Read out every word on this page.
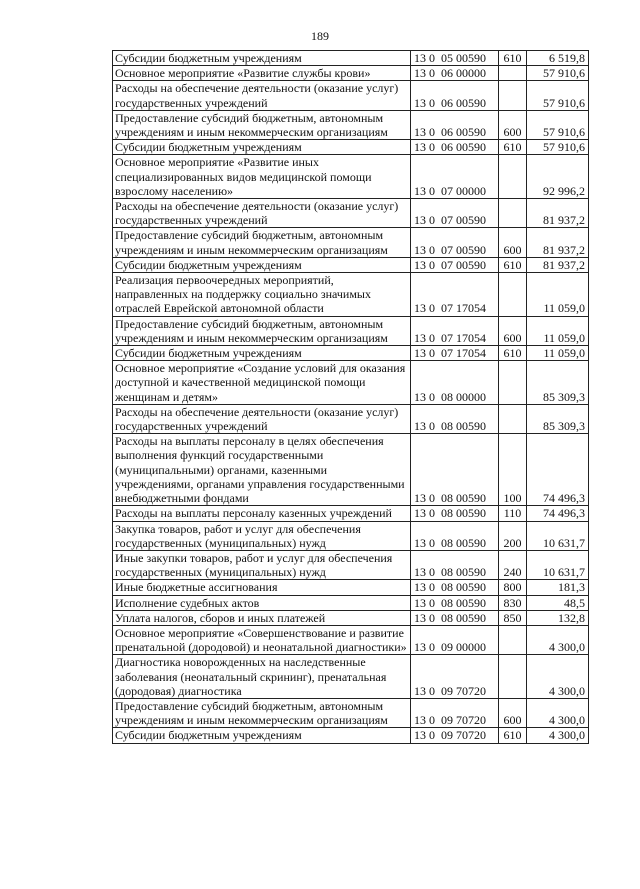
189
Субсидии бюджетным учреждениям	13 0  05 00590	610	6 519,8
Основное мероприятие «Развитие службы крови»	13 0  06 00000		57 910,6
Расходы на обеспечение деятельности (оказание услуг) государственных учреждений	13 0  06 00590		57 910,6
Предоставление субсидий бюджетным, автономным учреждениям и иным некоммерческим организациям	13 0  06 00590	600	57 910,6
Субсидии бюджетным учреждениям	13 0  06 00590	610	57 910,6
Основное мероприятие «Развитие иных специализированных видов медицинской помощи взрослому населению»	13 0  07 00000		92 996,2
Расходы на обеспечение деятельности (оказание услуг) государственных учреждений	13 0  07 00590		81 937,2
Предоставление субсидий бюджетным, автономным учреждениям и иным некоммерческим организациям	13 0  07 00590	600	81 937,2
Субсидии бюджетным учреждениям	13 0  07 00590	610	81 937,2
Реализация первоочередных мероприятий, направленных на поддержку социально значимых отраслей Еврейской автономной области	13 0  07 17054		11 059,0
Предоставление субсидий бюджетным, автономным учреждениям и иным некоммерческим организациям	13 0  07 17054	600	11 059,0
Субсидии бюджетным учреждениям	13 0  07 17054	610	11 059,0
Основное мероприятие «Создание условий для оказания доступной и качественной медицинской помощи женщинам и детям»	13 0  08 00000		85 309,3
Расходы на обеспечение деятельности (оказание услуг) государственных учреждений	13 0  08 00590		85 309,3
Расходы на выплаты персоналу в целях обеспечения выполнения функций государственными (муниципальными) органами, казенными учреждениями, органами управления государственными внебюджетными фондами	13 0  08 00590	100	74 496,3
Расходы на выплаты персоналу казенных учреждений	13 0  08 00590	110	74 496,3
Закупка товаров, работ и услуг для обеспечения государственных (муниципальных) нужд	13 0  08 00590	200	10 631,7
Иные закупки товаров, работ и услуг для обеспечения государственных (муниципальных) нужд	13 0  08 00590	240	10 631,7
Иные бюджетные ассигнования	13 0  08 00590	800	181,3
Исполнение судебных актов	13 0  08 00590	830	48,5
Уплата налогов, сборов и иных платежей	13 0  08 00590	850	132,8
Основное мероприятие «Совершенствование и развитие пренатальной (дородовой) и неонатальной диагностики»	13 0  09 00000		4 300,0
Диагностика новорожденных на наследственные заболевания (неонатальный скрининг), пренатальная (дородовая) диагностика	13 0  09 70720		4 300,0
Предоставление субсидий бюджетным, автономным учреждениям и иным некоммерческим организациям	13 0  09 70720	600	4 300,0
Субсидии бюджетным учреждениям	13 0  09 70720	610	4 300,0
